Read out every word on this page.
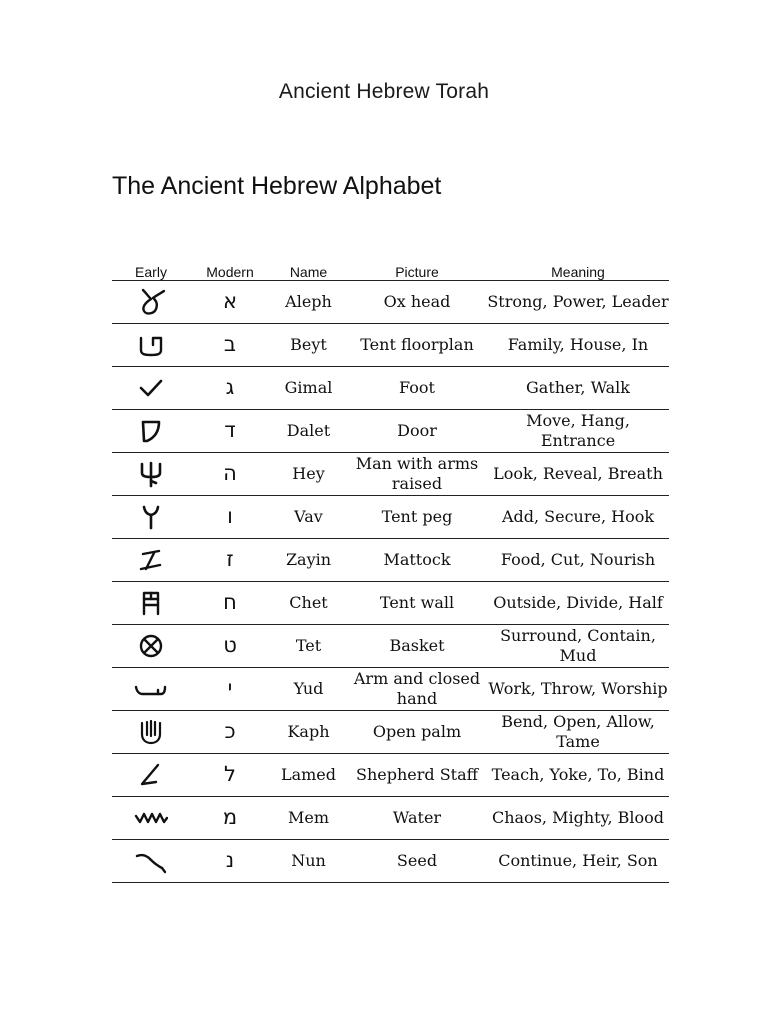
Ancient Hebrew Torah
The Ancient Hebrew Alphabet
Early	Modern	Name	Picture	Meaning

	א	Aleph	Ox head	Strong, Power, Leader

	ב	Beyt	Tent floorplan	Family, House, In

	ג	Gimal	Foot	Gather, Walk

	ד	Dalet	Door	Move, Hang, Entrance

	ה	Hey	Man with arms raised	Look, Reveal, Breath

	ו	Vav	Tent peg	Add, Secure, Hook

	ז	Zayin	Mattock	Food, Cut, Nourish

	ח	Chet	Tent wall	Outside, Divide, Half

	ט	Tet	Basket	Surround, Contain, Mud

	י	Yud	Arm and closed hand	Work, Throw, Worship

	כ	Kaph	Open palm	Bend, Open, Allow, Tame

	ל	Lamed	Shepherd Staff	Teach, Yoke, To, Bind

	מ	Mem	Water	Chaos, Mighty, Blood

	נ	Nun	Seed	Continue, Heir, Son
